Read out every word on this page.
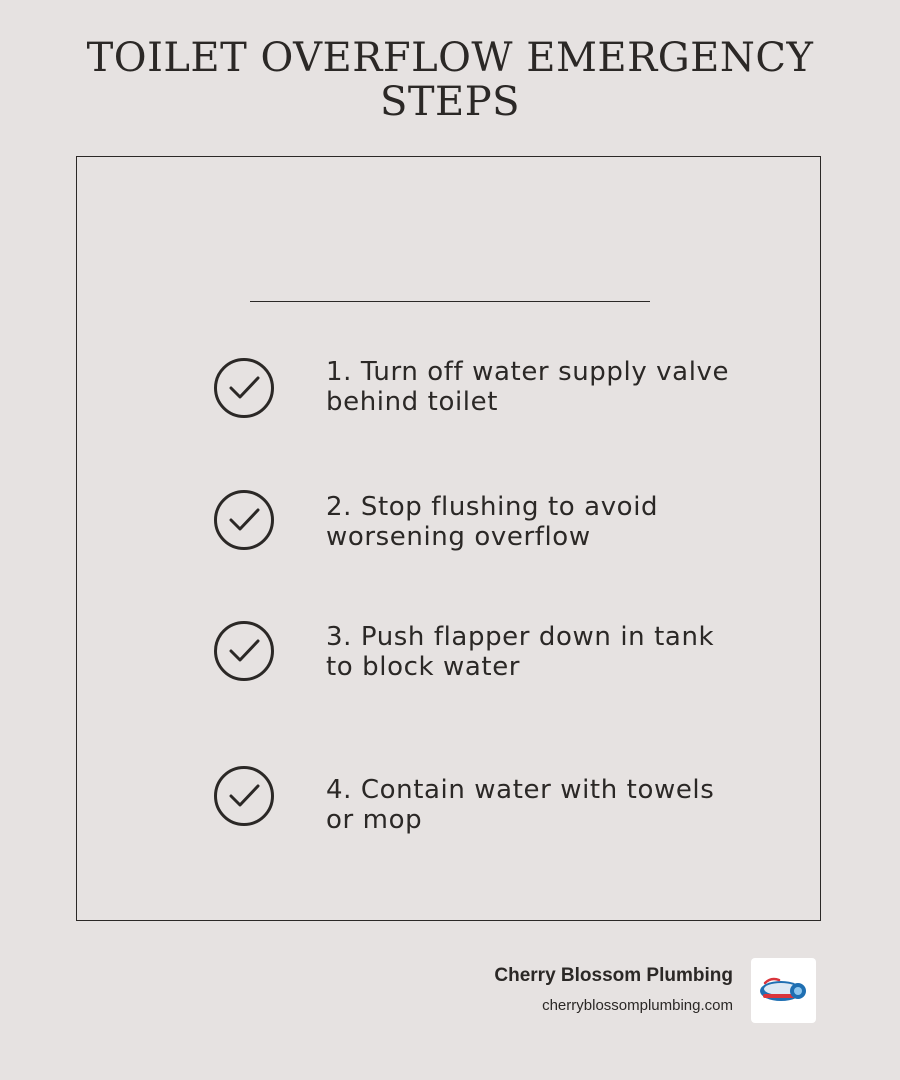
TOILET OVERFLOW EMERGENCY
STEPS
1. Turn off water supply valve
behind toilet
2. Stop flushing to avoid
worsening overflow
3. Push flapper down in tank
to block water
4. Contain water with towels
or mop
Cherry Blossom Plumbing
cherryblossomplumbing.com
